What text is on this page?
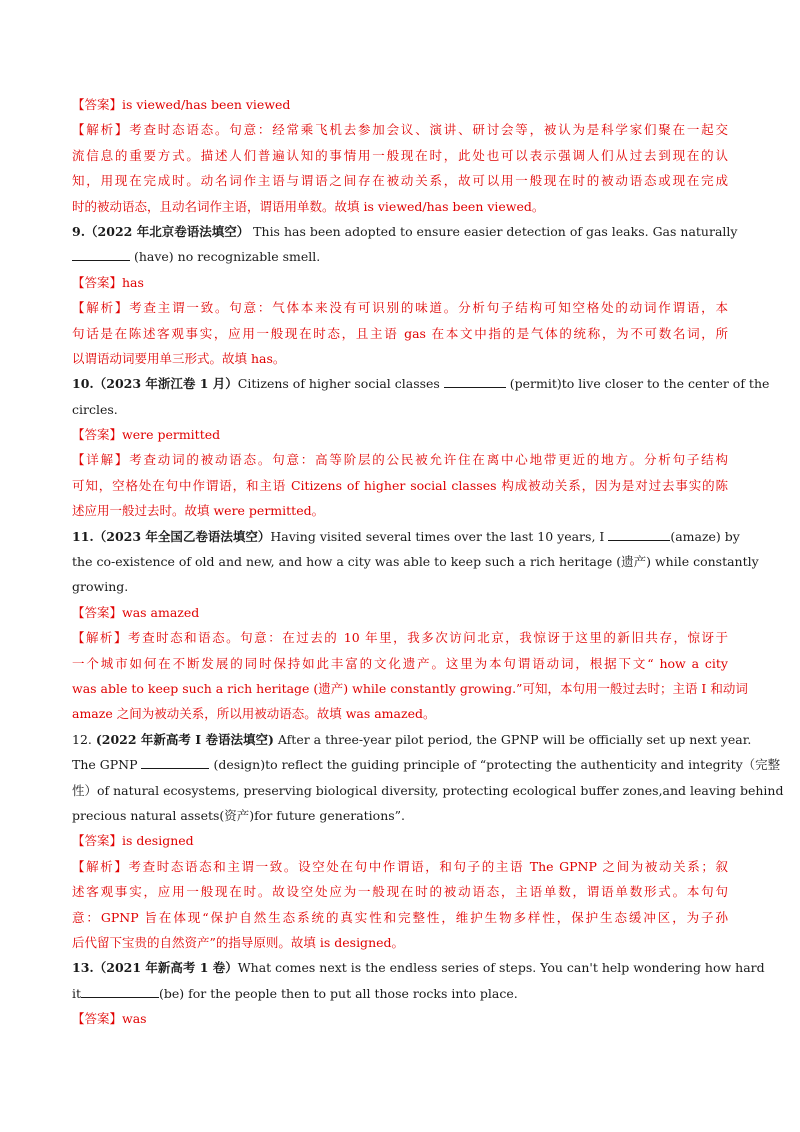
【答案】is viewed/has been viewed
【解析】考查时态语态。句意：经常乘飞机去参加会议、演讲、研讨会等，被认为是科学家们聚在一起交
流信息的重要方式。描述人们普遍认知的事情用一般现在时，此处也可以表示强调人们从过去到现在的认
知，用现在完成时。动名词作主语与谓语之间存在被动关系，故可以用一般现在时的被动语态或现在完成
时的被动语态，且动名词作主语，谓语用单数。故填 is viewed/has been viewed。
9.（2022 年北京卷语法填空） This has been adopted to ensure easier detection of gas leaks. Gas naturally
(have) no recognizable smell.
【答案】has
【解析】考查主谓一致。句意：气体本来没有可识别的味道。分析句子结构可知空格处的动词作谓语，本
句话是在陈述客观事实，应用一般现在时态，且主语 gas 在本文中指的是气体的统称，为不可数名词，所
以谓语动词要用单三形式。故填 has。
10.（2023 年浙江卷 1 月）Citizens of higher social classes	(permit)to live closer to the center of the
circles.
【答案】were permitted
【详解】考查动词的被动语态。句意：高等阶层的公民被允许住在离中心地带更近的地方。分析句子结构
可知，空格处在句中作谓语，和主语 Citizens of higher social classes 构成被动关系，因为是对过去事实的陈
述应用一般过去时。故填 were permitted。
11.（2023 年全国乙卷语法填空）Having visited several times over the last 10 years, I	(amaze) by
the co-existence of old and new, and how a city was able to keep such a rich heritage (遗产) while constantly
growing.
【答案】was amazed
【解析】考查时态和语态。句意：在过去的 10 年里，我多次访问北京，我惊讶于这里的新旧共存，惊讶于
一个城市如何在不断发展的同时保持如此丰富的文化遗产。这里为本句谓语动词，根据下文“ how a city
was able to keep such a rich heritage (遗产) while constantly growing.”可知，本句用一般过去时；主语 I 和动词
amaze 之间为被动关系，所以用被动语态。故填 was amazed。
12. (2022 年新高考 I 卷语法填空) After a three-year pilot period, the GPNP will be officially set up next year.
The GPNP	(design)to reflect the guiding principle of “protecting the authenticity and integrity（完整
性）of natural ecosystems, preserving biological diversity, protecting ecological buffer zones,and leaving behind
precious natural assets(资产)for future generations”.
【答案】is designed
【解析】考查时态语态和主谓一致。设空处在句中作谓语，和句子的主语 The GPNP 之间为被动关系；叙
述客观事实，应用一般现在时。故设空处应为一般现在时的被动语态，主语单数，谓语单数形式。本句句
意：GPNP 旨在体现“保护自然生态系统的真实性和完整性，维护生物多样性，保护生态缓冲区，为子孙
后代留下宝贵的自然资产”的指导原则。故填 is designed。
13.（2021 年新高考 1 卷）What comes next is the endless series of steps. You can't help wondering how hard
it	(be) for the people then to put all those rocks into place.
【答案】was
